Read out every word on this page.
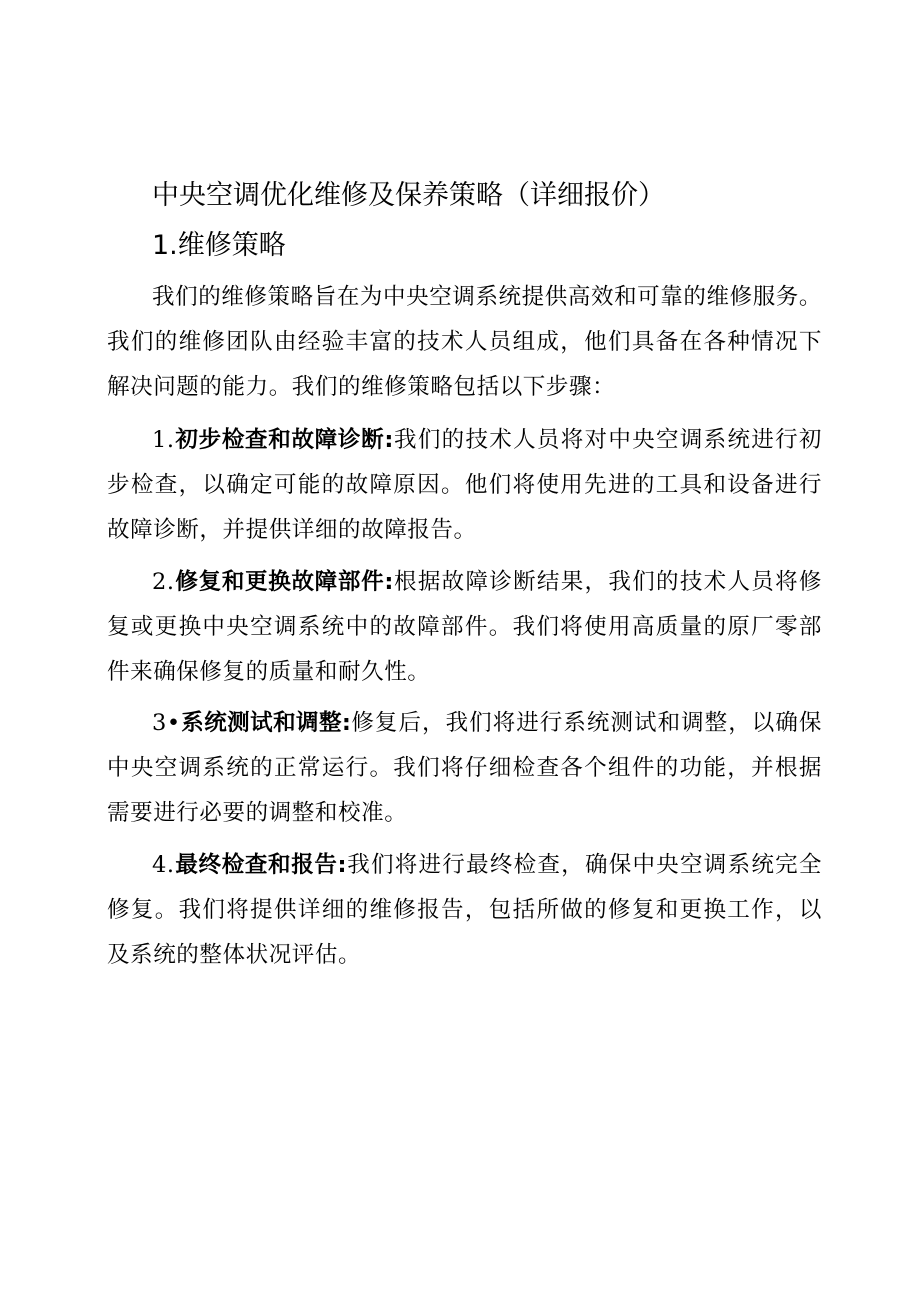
中央空调优化维修及保养策略（详细报价）
1.维修策略

我们的维修策略旨在为中央空调系统提供高效和可靠的维修服务。我们的维修团队由经验丰富的技术人员组成，他们具备在各种情况下解决问题的能力。我们的维修策略包括以下步骤：

1.初步检查和故障诊断:我们的技术人员将对中央空调系统进行初步检查，以确定可能的故障原因。他们将使用先进的工具和设备进行故障诊断，并提供详细的故障报告。

2.修复和更换故障部件:根据故障诊断结果，我们的技术人员将修复或更换中央空调系统中的故障部件。我们将使用高质量的原厂零部件来确保修复的质量和耐久性。

3•系统测试和调整:修复后，我们将进行系统测试和调整，以确保中央空调系统的正常运行。我们将仔细检查各个组件的功能，并根据需要进行必要的调整和校准。

4.最终检查和报告:我们将进行最终检查，确保中央空调系统完全修复。我们将提供详细的维修报告，包括所做的修复和更换工作，以及系统的整体状况评估。
